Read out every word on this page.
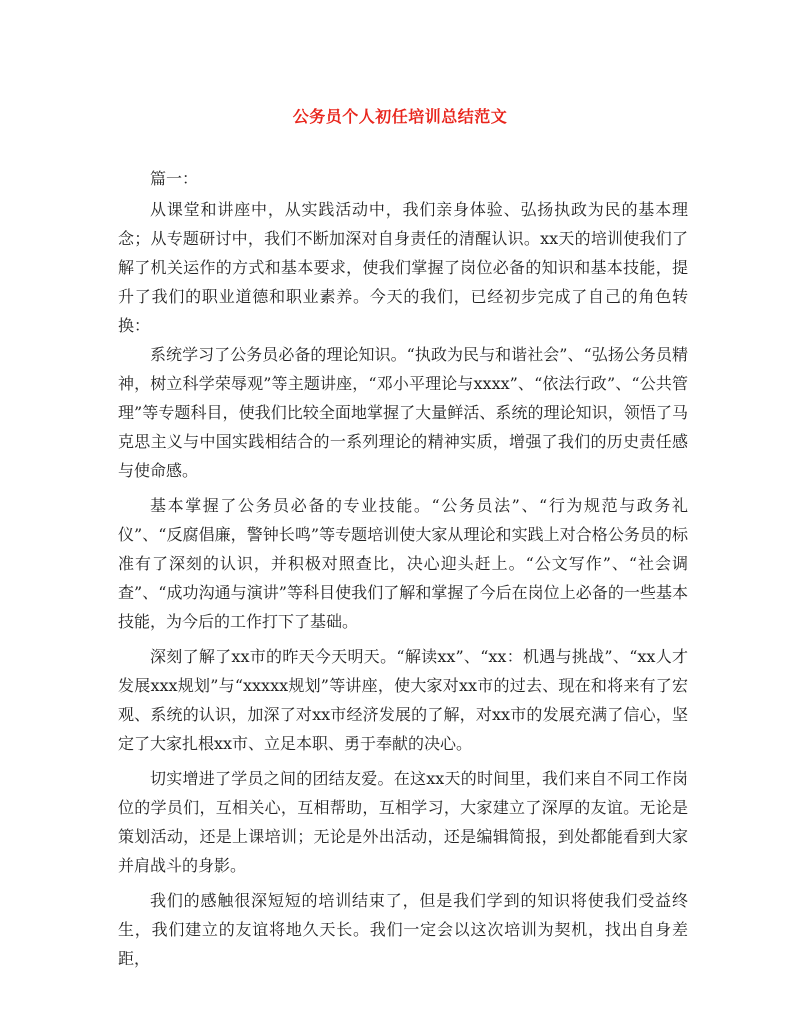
公务员个人初任培训总结范文

篇一：

从课堂和讲座中，从实践活动中，我们亲身体验、弘扬执政为民的基本理念；从专题研讨中，我们不断加深对自身责任的清醒认识。xx天的培训使我们了解了机关运作的方式和基本要求，使我们掌握了岗位必备的知识和基本技能，提升了我们的职业道德和职业素养。今天的我们，已经初步完成了自己的角色转换：

系统学习了公务员必备的理论知识。“执政为民与和谐社会”、“弘扬公务员精神，树立科学荣辱观”等主题讲座，“邓小平理论与xxxx”、“依法行政”、“公共管理”等专题科目，使我们比较全面地掌握了大量鲜活、系统的理论知识，领悟了马克思主义与中国实践相结合的一系列理论的精神实质，增强了我们的历史责任感与使命感。

基本掌握了公务员必备的专业技能。“公务员法”、“行为规范与政务礼仪”、“反腐倡廉，警钟长鸣”等专题培训使大家从理论和实践上对合格公务员的标准有了深刻的认识，并积极对照查比，决心迎头赶上。“公文写作”、“社会调查”、“成功沟通与演讲”等科目使我们了解和掌握了今后在岗位上必备的一些基本技能，为今后的工作打下了基础。

深刻了解了xx市的昨天今天明天。“解读xx”、“xx：机遇与挑战”、“xx人才发展xxx规划”与“xxxxx规划”等讲座，使大家对xx市的过去、现在和将来有了宏观、系统的认识，加深了对xx市经济发展的了解，对xx市的发展充满了信心，坚定了大家扎根xx市、立足本职、勇于奉献的决心。

切实增进了学员之间的团结友爱。在这xx天的时间里，我们来自不同工作岗位的学员们，互相关心，互相帮助，互相学习，大家建立了深厚的友谊。无论是策划活动，还是上课培训；无论是外出活动，还是编辑简报，到处都能看到大家并肩战斗的身影。

我们的感触很深短短的培训结束了，但是我们学到的知识将使我们受益终生，我们建立的友谊将地久天长。我们一定会以这次培训为契机，找出自身差距，
